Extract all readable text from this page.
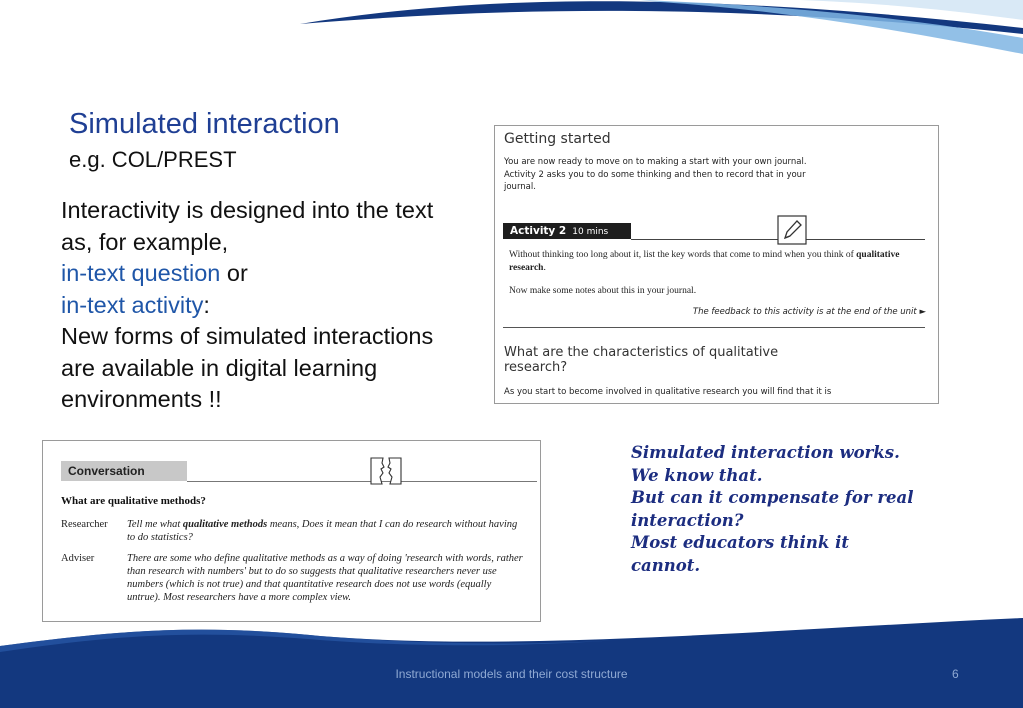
Simulated interaction
e.g. COL/PREST
Interactivity is designed into the text
as, for example,
in-text question or
in-text activity:
New forms of simulated interactions
are available in digital learning
environments !!
Getting started
You are now ready to move on to making a start with your own journal. Activity 2 asks you to do some thinking and then to record that in your journal.
Activity 2 10 mins
Without thinking too long about it, list the key words that come to mind when you think of qualitative research.
Now make some notes about this in your journal.
The feedback to this activity is at the end of the unit ►
What are the characteristics of qualitative research?
As you start to become involved in qualitative research you will find that it is
Conversation
What are qualitative methods?
Researcher	Tell me what qualitative methods means, Does it mean that I can do research without having to do statistics?
Adviser	There are some who define qualitative methods as a way of doing 'research with words, rather than research with numbers' but to do so suggests that qualitative researchers never use numbers (which is not true) and that quantitative research does not use words (equally untrue). Most researchers have a more complex view.
Simulated interaction works.
We know that.
But can it compensate for real
interaction?
Most educators think it
cannot.
Instructional models and their cost structure	6
